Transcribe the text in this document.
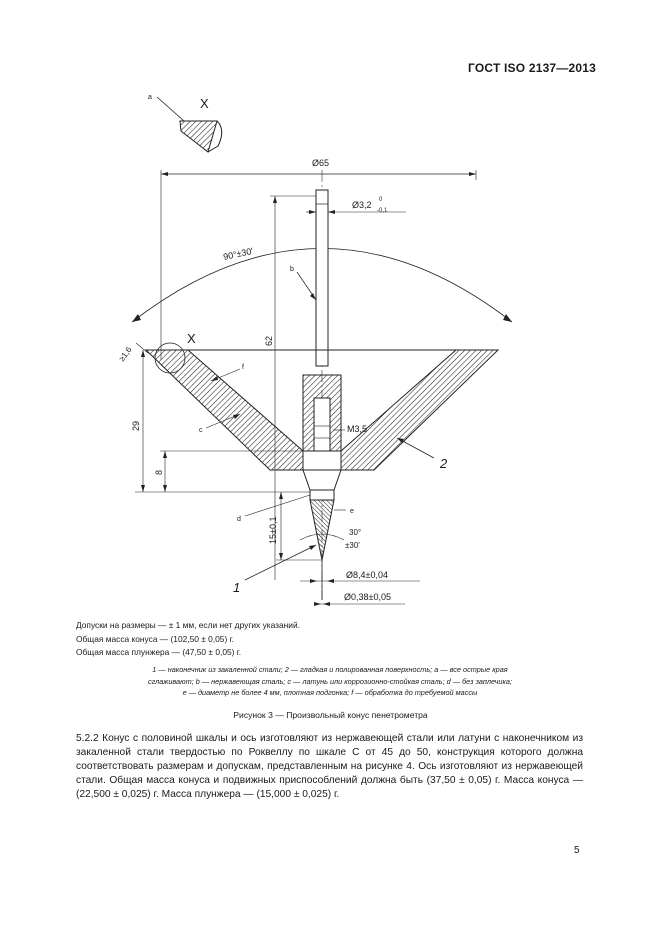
ГОСТ ISO 2137—2013
X
a
Ø65
90°±30'
Ø3,2 0
-0,1
b
62
M3,5
X
≥1,6
29
8
f
c
d
e
2
15±0,1	30°
±30'
1
Ø8,4±0,04
Ø0,38±0,05
Допуски на размеры — ± 1 мм, если нет других указаний.
Общая масса конуса — (102,50 ± 0,05) г.
Общая масса плунжера — (47,50 ± 0,05) г.
1 — наконечник из закаленной стали; 2 — гладкая и полированная поверхность; a — все острые края
сглаживают; b — нержавеющая сталь; c — латунь или коррозионно-стойкая сталь; d — без заплечика;
e — диаметр не более 4 мм, плотная подгонка; f — обработка до требуемой массы
Рисунок 3 — Произвольный конус пенетрометра

5.2.2 Конус с половиной шкалы и ось изготовляют из нержавеющей стали или латуни с наконечником из закаленной стали твердостью по Роквеллу по шкале С от 45 до 50, конструкция которого должна соответствовать размерам и допускам, представленным на рисунке 4. Ось изготовляют из нержавеющей стали. Общая масса конуса и подвижных приспособлений должна быть (37,50 ± 0,05) г. Масса конуса — (22,500 ± 0,025) г. Масса плунжера — (15,000 ± 0,025) г.

5
